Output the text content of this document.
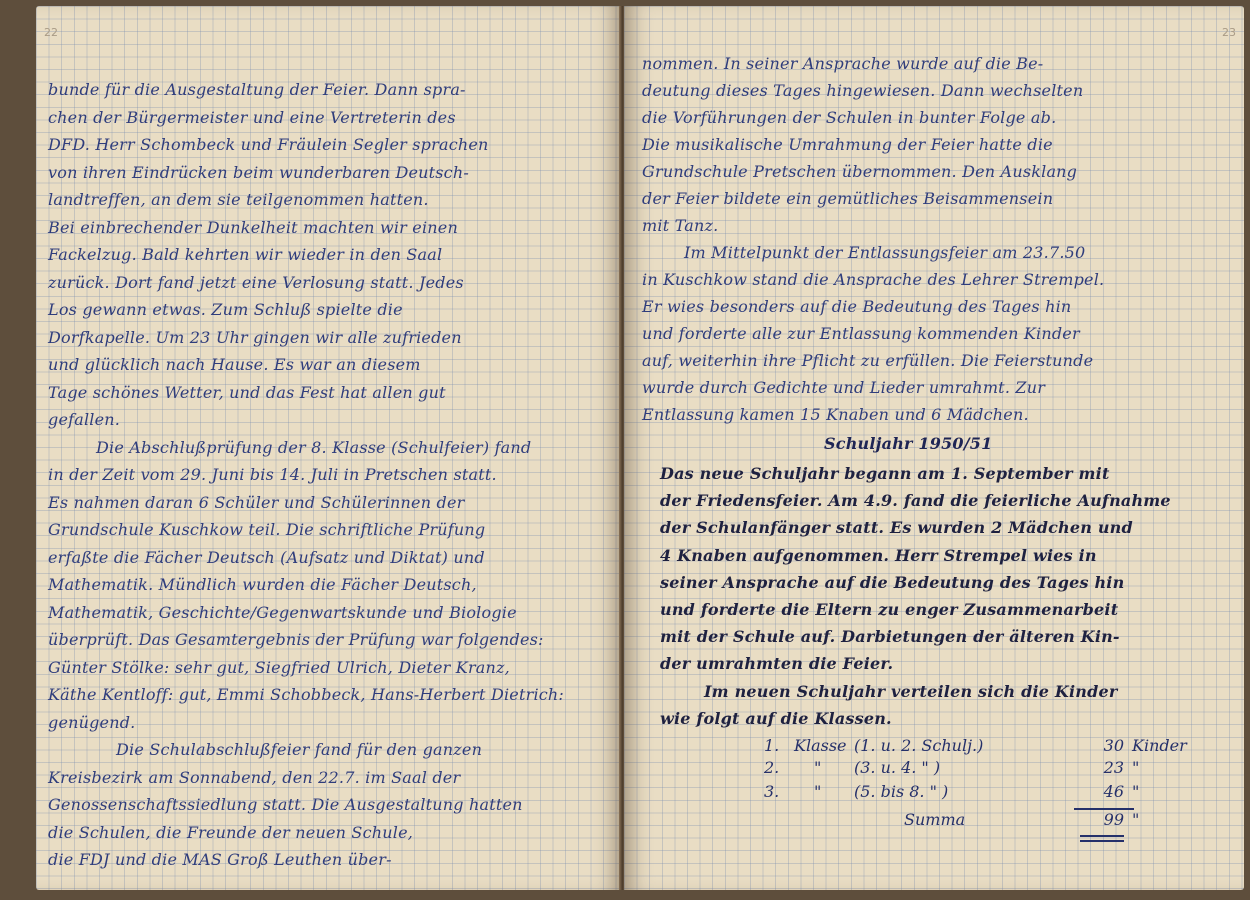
22
bunde für die Ausgestaltung der Feier. Dann spra-
chen der Bürgermeister und eine Vertreterin des
DFD. Herr Schombeck und Fräulein Segler sprachen
von ihren Eindrücken beim wunderbaren Deutsch-
landtreffen, an dem sie teilgenommen hatten.
Bei einbrechender Dunkelheit machten wir einen
Fackelzug. Bald kehrten wir wieder in den Saal
zurück. Dort fand jetzt eine Verlosung statt. Jedes
Los gewann etwas. Zum Schluß spielte die
Dorfkapelle. Um 23 Uhr gingen wir alle zufrieden
und glücklich nach Hause. Es war an diesem
Tage schönes Wetter, und das Fest hat allen gut
gefallen.
Die Abschlußprüfung der 8. Klasse (Schulfeier) fand
in der Zeit vom 29. Juni bis 14. Juli in Pretschen statt.
Es nahmen daran 6 Schüler und Schülerinnen der
Grundschule Kuschkow teil. Die schriftliche Prüfung
erfaßte die Fächer Deutsch (Aufsatz und Diktat) und
Mathematik. Mündlich wurden die Fächer Deutsch,
Mathematik, Geschichte/Gegenwartskunde und Biologie
überprüft. Das Gesamtergebnis der Prüfung war folgendes:
Günter Stölke: sehr gut, Siegfried Ulrich, Dieter Kranz,
Käthe Kentloff: gut, Emmi Schobbeck, Hans-Herbert Dietrich:
genügend.
Die Schulabschlußfeier fand für den ganzen
Kreisbezirk am Sonnabend, den 22.7. im Saal der
Genossenschaftssiedlung statt. Die Ausgestaltung hatten
die Schulen, die Freunde der neuen Schule,
die FDJ und die MAS Groß Leuthen über-
23
nommen. In seiner Ansprache wurde auf die Be-
deutung dieses Tages hingewiesen. Dann wechselten
die Vorführungen der Schulen in bunter Folge ab.
Die musikalische Umrahmung der Feier hatte die
Grundschule Pretschen übernommen. Den Ausklang
der Feier bildete ein gemütliches Beisammensein
mit Tanz.
Im Mittelpunkt der Entlassungsfeier am 23.7.50
in Kuschkow stand die Ansprache des Lehrer Strempel.
Er wies besonders auf die Bedeutung des Tages hin
und forderte alle zur Entlassung kommenden Kinder
auf, weiterhin ihre Pflicht zu erfüllen. Die Feierstunde
wurde durch Gedichte und Lieder umrahmt. Zur
Entlassung kamen 15 Knaben und 6 Mädchen.
Schuljahr 1950/51
Das neue Schuljahr begann am 1. September mit
der Friedensfeier. Am 4.9. fand die feierliche Aufnahme
der Schulanfänger statt. Es wurden 2 Mädchen und
4 Knaben aufgenommen. Herr Strempel wies in
seiner Ansprache auf die Bedeutung des Tages hin
und forderte die Eltern zu enger Zusammenarbeit
mit der Schule auf. Darbietungen der älteren Kin-
der umrahmten die Feier.
Im neuen Schuljahr verteilen sich die Kinder
wie folgt auf die Klassen.
1. Klasse (1. u. 2. Schulj.)	30 Kinder
2. " (3. u. 4. " )	23 "
3. " (5. bis 8. " )	46 "
Summa	99 "
